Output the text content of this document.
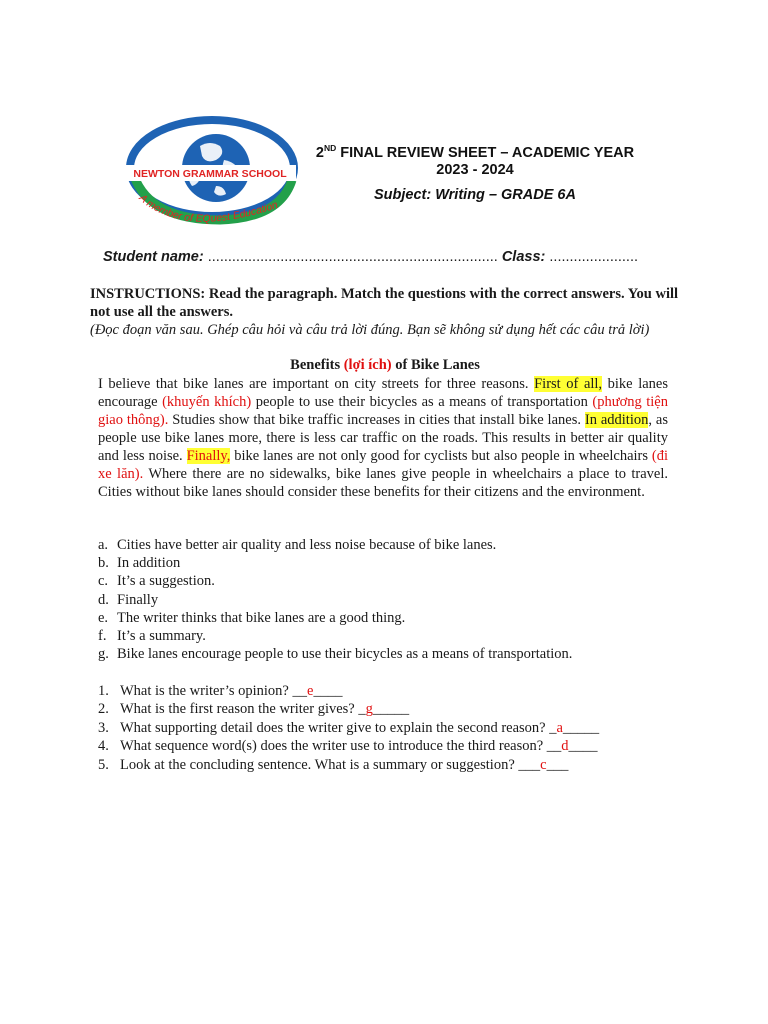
NEWTON GRAMMAR SCHOOL
A member of EQuest Education
2ND FINAL REVIEW SHEET – ACADEMIC YEAR
2023 - 2024
Subject: Writing – GRADE 6A
Student name: ........................................................................ Class: ......................
INSTRUCTIONS: Read the paragraph. Match the questions with the correct answers. You will not use all the answers.
(Đọc đoạn văn sau. Ghép câu hỏi và câu trả lời đúng. Bạn sẽ không sử dụng hết các câu trả lời)
Benefits (lợi ích) of Bike Lanes
I believe that bike lanes are important on city streets for three reasons. First of all, bike lanes encourage (khuyến khích) people to use their bicycles as a means of transportation (phương tiện giao thông). Studies show that bike traffic increases in cities that install bike lanes. In addition, as people use bike lanes more, there is less car traffic on the roads. This results in better air quality and less noise. Finally, bike lanes are not only good for cyclists but also people in wheelchairs (đi xe lăn). Where there are no sidewalks, bike lanes give people in wheelchairs a place to travel. Cities without bike lanes should consider these benefits for their citizens and the environment.
a. Cities have better air quality and less noise because of bike lanes.
b. In addition
c. It’s a suggestion.
d. Finally
e. The writer thinks that bike lanes are a good thing.
f. It’s a summary.
g. Bike lanes encourage people to use their bicycles as a means of transportation.
1. What is the writer’s opinion? __e____
2. What is the first reason the writer gives? _g_____
3. What supporting detail does the writer give to explain the second reason? _a_____
4. What sequence word(s) does the writer use to introduce the third reason? __d____
5. Look at the concluding sentence. What is a summary or suggestion? ___c___
